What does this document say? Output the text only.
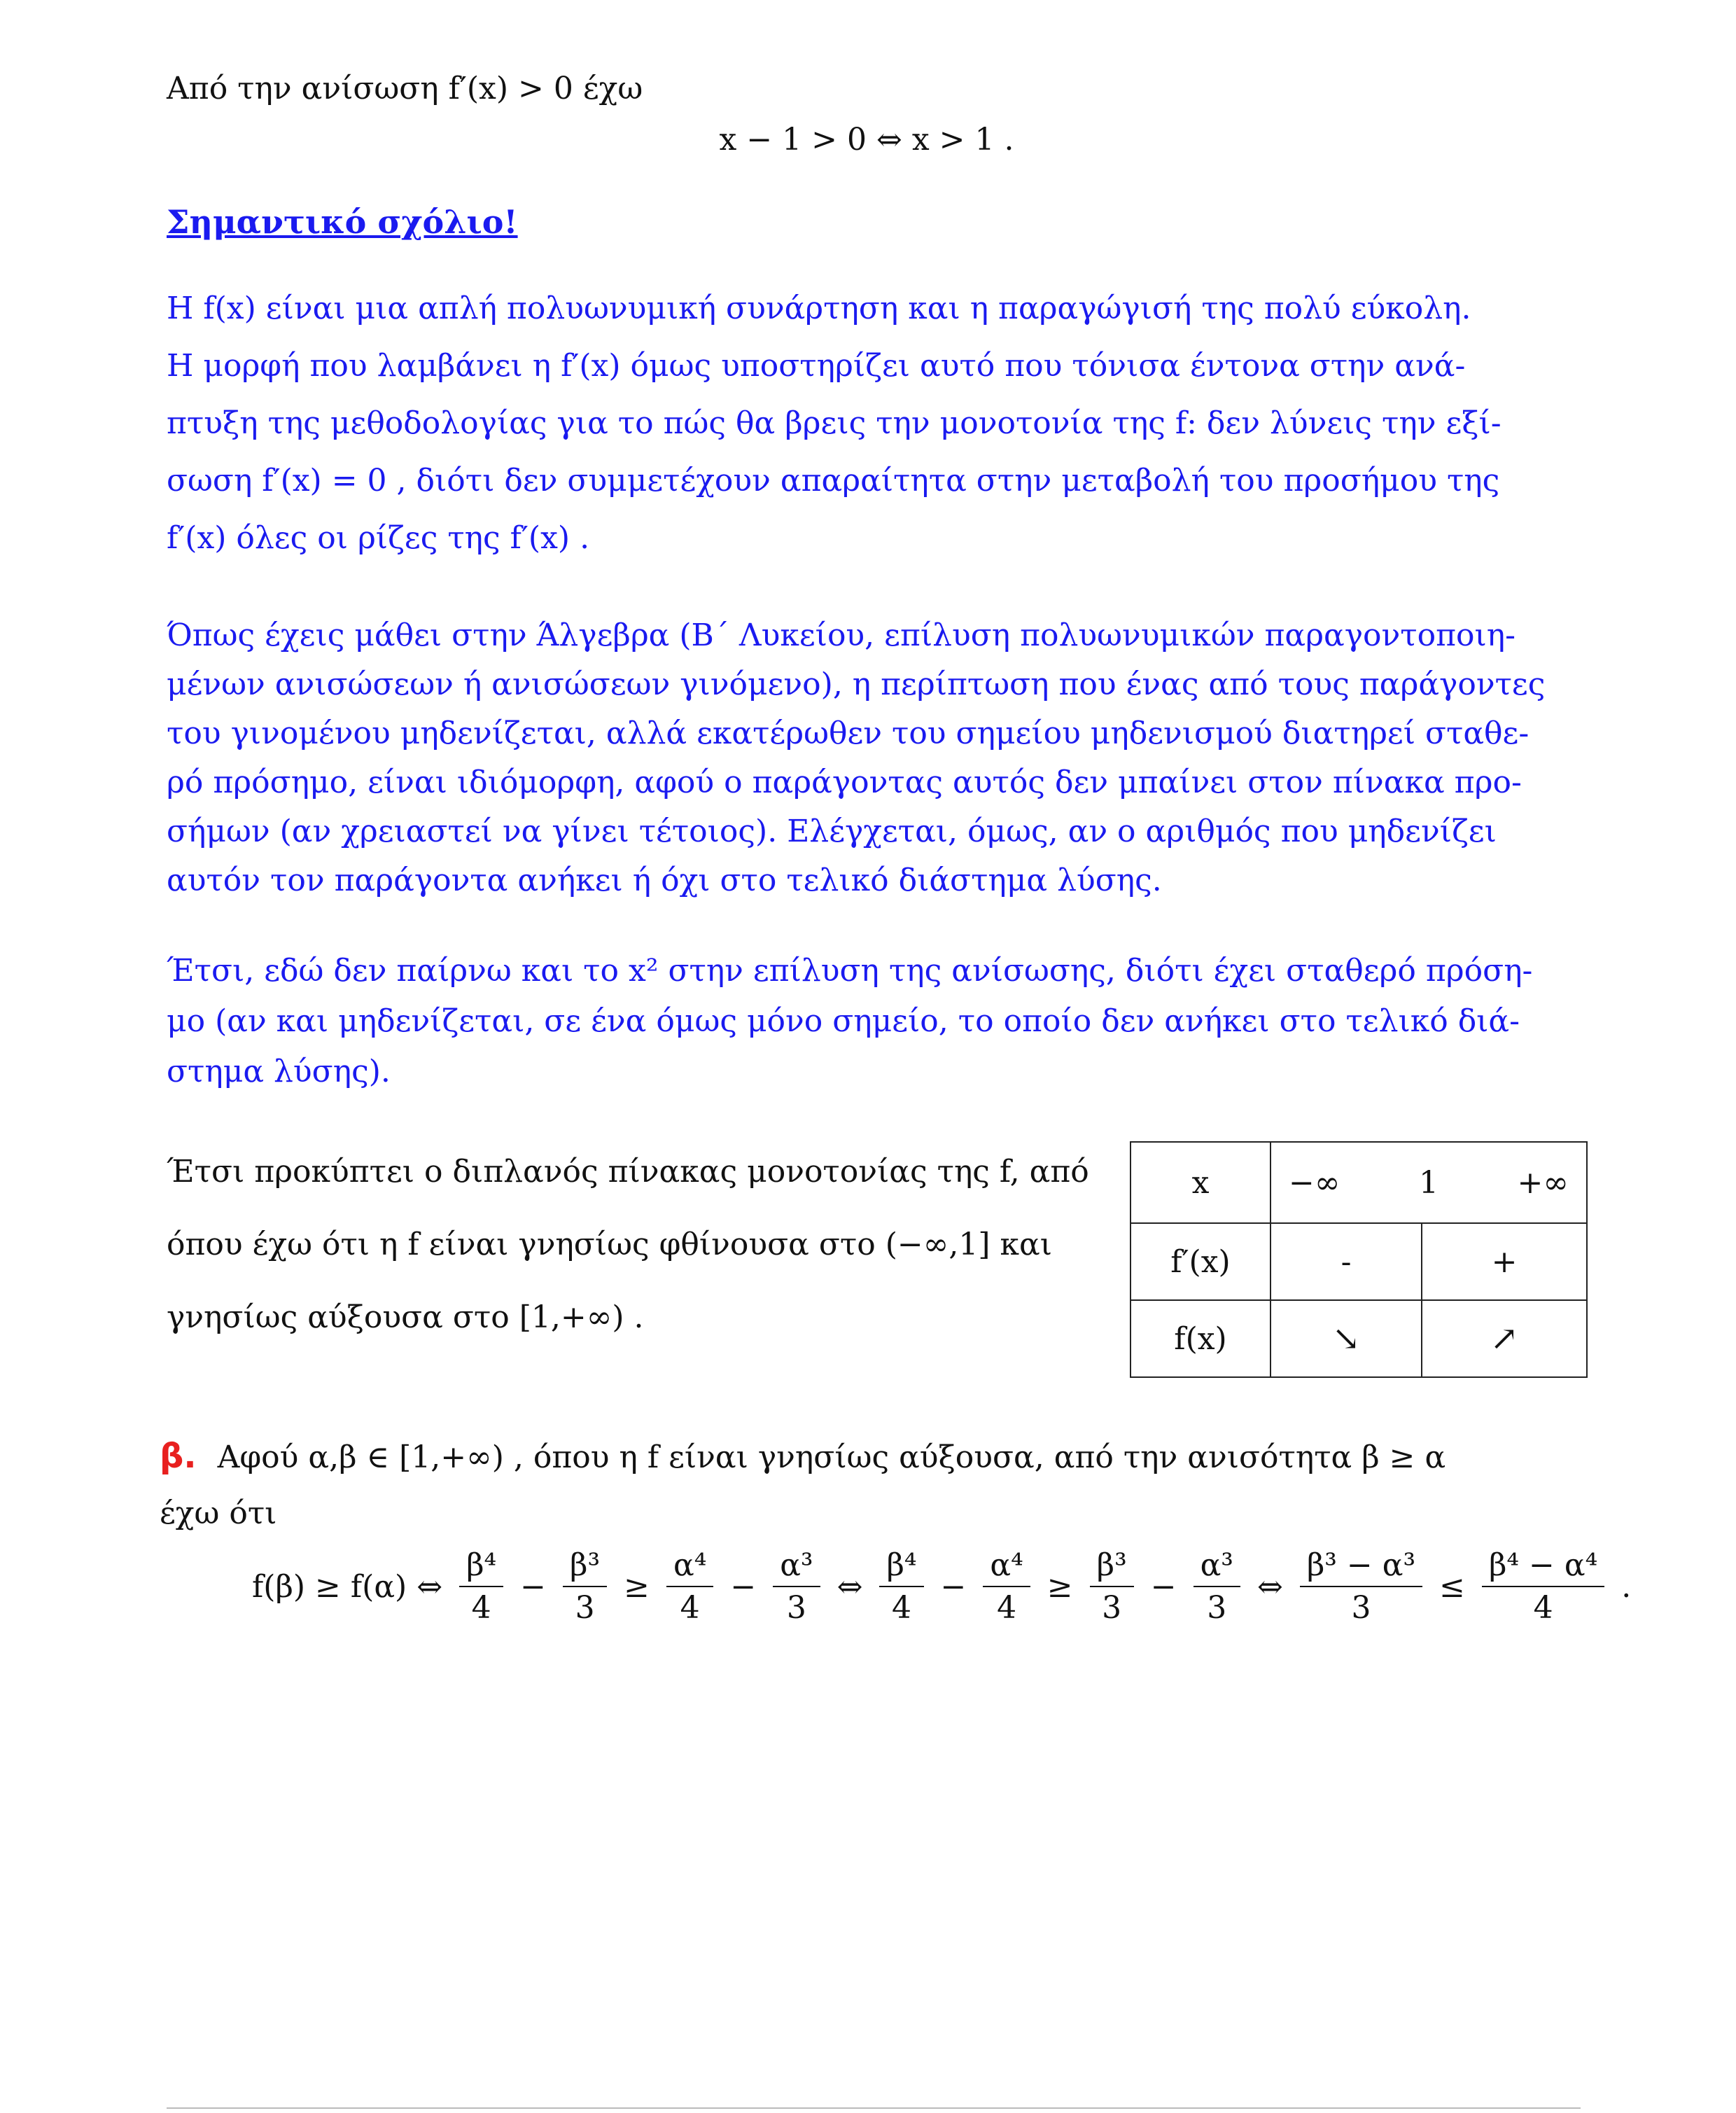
Από την ανίσωση f′(x) > 0 έχω

x − 1 > 0 ⇔ x > 1 .

Σημαντικό σχόλιο!

Η f(x) είναι μια απλή πολυωνυμική συνάρτηση και η παραγώγισή της πολύ εύκολη.

Η μορφή που λαμβάνει η f′(x) όμως υποστηρίζει αυτό που τόνισα έντονα στην ανά-

πτυξη της μεθοδολογίας για το πώς θα βρεις την μονοτονία της f: δεν λύνεις την εξί-

σωση f′(x) = 0 , διότι δεν συμμετέχουν απαραίτητα στην μεταβολή του προσήμου της

f′(x) όλες οι ρίζες της f′(x) .

Όπως έχεις μάθει στην Άλγεβρα (Β΄ Λυκείου, επίλυση πολυωνυμικών παραγοντοποιη-

μένων ανισώσεων ή ανισώσεων γινόμενο), η περίπτωση που ένας από τους παράγοντες

του γινομένου μηδενίζεται, αλλά εκατέρωθεν του σημείου μηδενισμού διατηρεί σταθε-

ρό πρόσημο, είναι ιδιόμορφη, αφού ο παράγοντας αυτός δεν μπαίνει στον πίνακα προ-

σήμων (αν χρειαστεί να γίνει τέτοιος). Ελέγχεται, όμως, αν ο αριθμός που μηδενίζει

αυτόν τον παράγοντα ανήκει ή όχι στο τελικό διάστημα λύσης.

Έτσι, εδώ δεν παίρνω και το x² στην επίλυση της ανίσωσης, διότι έχει σταθερό πρόση-

μο (αν και μηδενίζεται, σε ένα όμως μόνο σημείο, το οποίο δεν ανήκει στο τελικό διά-

στημα λύσης).

Έτσι προκύπτει ο διπλανός πίνακας μονοτονίας της f, από
όπου έχω ότι η f είναι γνησίως φθίνουσα στο (−∞,1] και
γνησίως αύξουσα στο [1,+∞) .
x	−∞ 1 +∞	

f′(x)	-	+
f(x)	↘	↗
β. Αφού α,β ∈ [1,+∞) , όπου η f είναι γνησίως αύξουσα, από την ανισότητα β ≥ α
έχω ότι
f(β) ≥ f(α) ⇔ $\frac{\text{β⁴}}{4} - \frac{\text{β³}}{3} \ge \frac{\text{α⁴}}{4} - \frac{\text{α³}}{3}$ ⇔ $\frac{\text{β⁴}}{4} - \frac{\text{α⁴}}{4} \ge \frac{\text{β³}}{3} - \frac{\text{α³}}{3}$ ⇔ $\frac{\text{β³ − α³}}{3} \le \frac{\text{β⁴ − α⁴}}{4}$ .
